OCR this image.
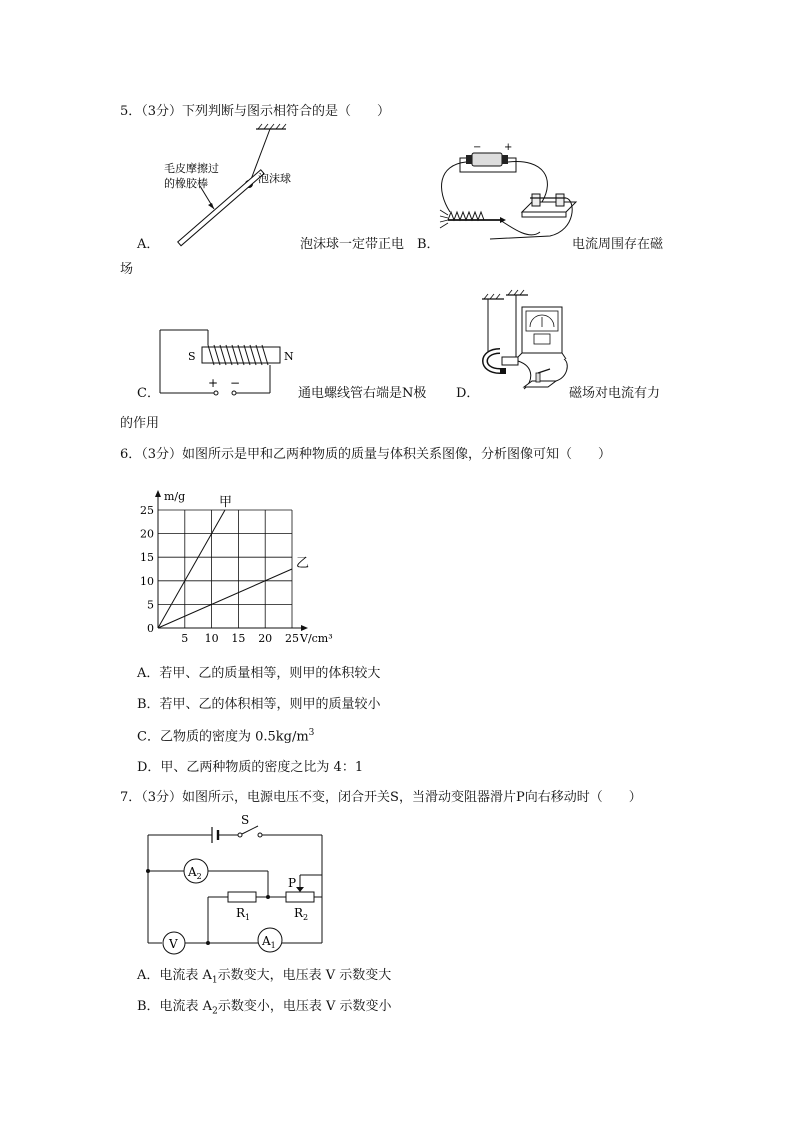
5．（3分）下列判断与图示相符合的是（　　）
毛皮摩擦过
的橡胶棒	泡沫球
A．	泡沫球一定带正电 B．
− +
电流周围存在磁
场
S	N
+ −
C．	通电螺线管右端是N极 D．	磁场对电流有力
的作用
6．（3分）如图所示是甲和乙两种物质的质量与体积关系图像，分析图像可知（　　）
5 10 15 20 25
0
5
10
15
20
25
m/g
V/cm³
甲
乙
A．若甲、乙的质量相等，则甲的体积较大
B．若甲、乙的体积相等，则甲的质量较小
C．乙物质的密度为 $0.5kg/m^3$
D．甲、乙两种物质的密度之比为 4：1
7．（3分）如图所示，电源电压不变，闭合开关S，当滑动变阻器滑片P向右移动时（　　）
S
$A_2$	P
$R_1$	$R_2$
V	$A_1$
A．电流表 $A_1$示数变大，电压表 V 示数变大
B．电流表 $A_2$示数变小，电压表 V 示数变小
